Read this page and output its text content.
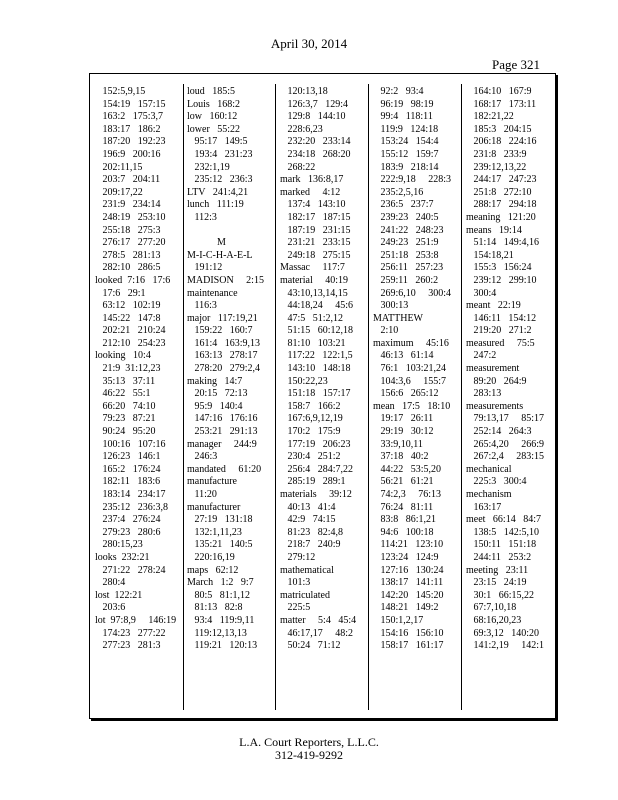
April 30, 2014
Page 321
152:5,9,15
154:19   157:15
163:2   175:3,7
183:17   186:2
187:20   192:23
196:9   200:16
202:11,15
203:7   204:11
209:17,22
231:9   234:14
248:19   253:10
255:18   275:3
276:17   277:20
278:5   281:13
282:10   286:5
looked  7:16   17:6
17:6   29:1
63:12   102:19
145:22   147:8
202:21   210:24
212:10   254:23
looking   10:4
21:9  31:12,23
35:13   37:11
46:22   55:1
66:20   74:10
79:23   87:21
90:24   95:20
100:16   107:16
126:23   146:1
165:2   176:24
182:11   183:6
183:14   234:17
235:12   236:3,8
237:4   276:24
279:23   280:6
280:15,23
looks  232:21
271:22   278:24
280:4
lost  122:21
203:6
lot  97:8,9     146:19
174:23   277:22
277:23   281:3
loud   185:5
Louis   168:2
low   160:12
lower   55:22
95:17   149:5
193:4   231:23
232:1,19
235:12   236:3
LTV   241:4,21
lunch   111:19
112:3
M
M-I-C-H-A-E-L
191:12
MADISON     2:15
maintenance
116:3
major   117:19,21
159:22   160:7
161:4   163:9,13
163:13   278:17
278:20   279:2,4
making   14:7
20:15   72:13
95:9   140:4
147:16   176:16
253:21   291:13
manager     244:9
246:3
mandated     61:20
manufacture
11:20
manufacturer
27:19   131:18
132:1,11,23
135:21   140:5
220:16,19
maps   62:12
March   1:2   9:7
80:5   81:1,12
81:13   82:8
93:4   119:9,11
119:12,13,13
119:21   120:13
120:13,18
126:3,7   129:4
129:8   144:10
228:6,23
232:20   233:14
234:18   268:20
268:22
mark   136:8,17
marked     4:12
137:4   143:10
182:17   187:15
187:19   231:15
231:21   233:15
249:18   275:15
Massac     117:7
material     40:19
43:10,13,14,15
44:18,24     45:6
47:5   51:2,12
51:15   60:12,18
81:10   103:21
117:22   122:1,5
143:10   148:18
150:22,23
151:18   157:17
158:7   166:2
167:6,9,12,19
170:2   175:9
177:19   206:23
230:4   251:2
256:4   284:7,22
285:19   289:1
materials     39:12
40:13   41:4
42:9   74:15
81:23   82:4,8
218:7   240:9
279:12
mathematical
101:3
matriculated
225:5
matter     5:4   45:4
46:17,17     48:2
50:24   71:12
92:2   93:4
96:19   98:19
99:4   118:11
119:9   124:18
153:24   154:4
155:12   159:7
183:9   218:14
222:9,18     228:3
235:2,5,16
236:5   237:7
239:23   240:5
241:22   248:23
249:23   251:9
251:18   253:8
256:11   257:23
259:11   260:2
269:6,10     300:4
300:13
MATTHEW
2:10
maximum     45:16
46:13   61:14
76:1   103:21,24
104:3,6     155:7
156:6   265:12
mean   17:5   18:10
19:17   26:11
29:19   30:12
33:9,10,11
37:18   40:2
44:22   53:5,20
56:21   61:21
74:2,3     76:13
76:24   81:11
83:8   86:1,21
94:6   100:18
114:21   123:10
123:24   124:9
127:16   130:24
138:17   141:11
142:20   145:20
148:21   149:2
150:1,2,17
154:16   156:10
158:17   161:17
164:10   167:9
168:17   173:11
182:21,22
185:3   204:15
206:18   224:16
231:8   233:9
239:12,13,22
244:17   247:23
251:8   272:10
288:17   294:18
meaning   121:20
means   19:14
51:14   149:4,16
154:18,21
155:3   156:24
239:12   299:10
300:4
meant   22:19
146:11   154:12
219:20   271:2
measured     75:5
247:2
measurement
89:20   264:9
283:13
measurements
79:13,17     85:17
252:14   264:3
265:4,20     266:9
267:2,4     283:15
mechanical
225:3   300:4
mechanism
163:17
meet   66:14   84:7
138:5   142:5,10
150:11   151:18
244:11   253:2
meeting   23:11
23:15   24:19
30:1   66:15,22
67:7,10,18
68:16,20,23
69:3,12   140:20
141:2,19     142:1
L.A. Court Reporters, L.L.C.
312-419-9292
